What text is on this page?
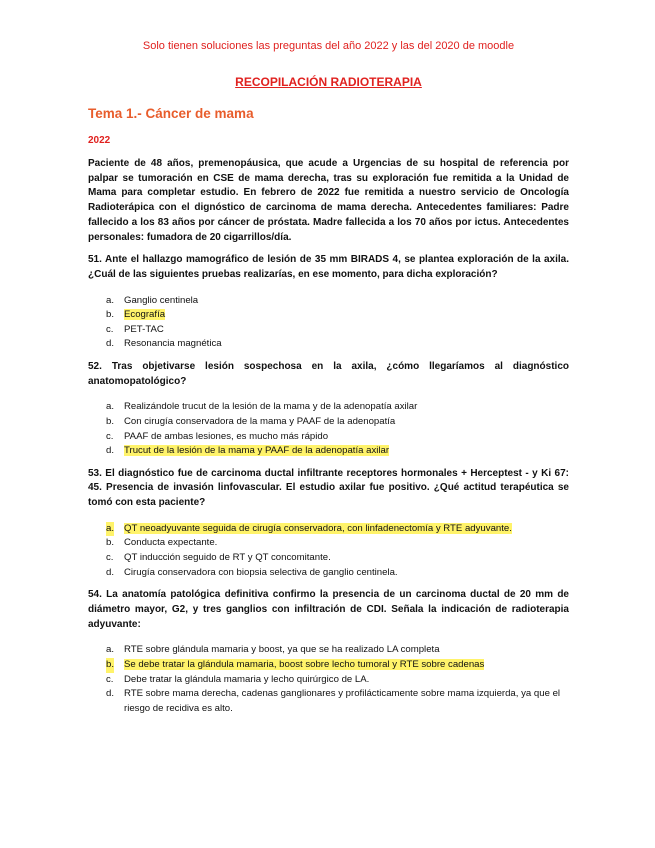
Solo tienen soluciones las preguntas del año 2022 y las del 2020 de moodle
RECOPILACIÓN RADIOTERAPIA
Tema 1.- Cáncer de mama
2022
Paciente de 48 años, premenopáusica, que acude a Urgencias de su hospital de referencia por palpar se tumoración en CSE de mama derecha, tras su exploración fue remitida a la Unidad de Mama para completar estudio. En febrero de 2022 fue remitida a nuestro servicio de Oncología Radioterápica con el dignóstico de carcinoma de mama derecha. Antecedentes familiares: Padre fallecido a los 83 años por cáncer de próstata. Madre fallecida a los 70 años por ictus. Antecedentes personales: fumadora de 20 cigarrillos/día.
51. Ante el hallazgo mamográfico de lesión de 35 mm BIRADS 4, se plantea exploración de la axila. ¿Cuál de las siguientes pruebas realizarías, en ese momento, para dicha exploración?
a. Ganglio centinela
b. Ecografía
c. PET-TAC
d. Resonancia magnética
52. Tras objetivarse lesión sospechosa en la axila, ¿cómo llegaríamos al diagnóstico anatomopatológico?
a. Realizándole trucut de la lesión de la mama y de la adenopatía axilar
b. Con cirugía conservadora de la mama y PAAF de la adenopatía
c. PAAF de ambas lesiones, es mucho más rápido
d. Trucut de la lesión de la mama y PAAF de la adenopatía axilar
53. El diagnóstico fue de carcinoma ductal infiltrante receptores hormonales + Herceptest - y Ki 67: 45. Presencia de invasión linfovascular. El estudio axilar fue positivo. ¿Qué actitud terapéutica se tomó con esta paciente?
a. QT neoadyuvante seguida de cirugía conservadora, con linfadenectomía y RTE adyuvante.
b. Conducta expectante.
c. QT inducción seguido de RT y QT concomitante.
d. Cirugía conservadora con biopsia selectiva de ganglio centinela.
54. La anatomía patológica definitiva confirmo la presencia de un carcinoma ductal de 20 mm de diámetro mayor, G2, y tres ganglios con infiltración de CDI. Señala la indicación de radioterapia adyuvante:
a. RTE sobre glándula mamaria y boost, ya que se ha realizado LA completa
b. Se debe tratar la glándula mamaria, boost sobre lecho tumoral y RTE sobre cadenas
c. Debe tratar la glándula mamaria y lecho quirúrgico de LA.
d. RTE sobre mama derecha, cadenas ganglionares y profilácticamente sobre mama izquierda, ya que el riesgo de recidiva es alto.
